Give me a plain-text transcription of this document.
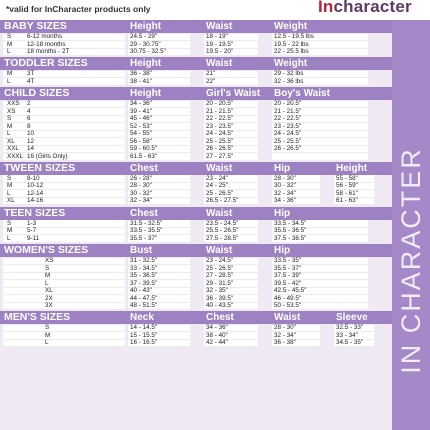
*valid for InCharacter products only	Incharacter
BABY SIZES	Height	Waist	Weight
S	6-12 months	24.5 - 29"	18 - 19"	12.5 - 19.5 lbs
M 12-18 months	29 - 30.75"	19 - 19.5"	19.5 - 22 lbs
L	18 months - 2T	30.75 - 32.5"	19.5 - 20"	22 - 25.5 lbs
TODDLER SIZES	Height	Waist	Weight
M 3T	36 - 38"	21"	29 - 32 lbs
L	4T	38 - 41"	22"	32 - 36 lbs
CHILD SIZES	Height	Girl's Waist Boy's Waist
XXS 2	34 - 36"	20 - 20.5"	20 - 20.5"
XS 4	39 - 41"	21 - 21.5"	21 - 21.5"
S	6	45 - 46"	22 - 22.5"	22 - 22.5"
M 8	52 - 53"	23 - 23.5"	23 - 23.5"
L	10	54 - 55"	24 - 24.5"	24 - 24.5"
XL 12	56 - 58"	25 - 25.5"	25 - 25.5"
XXL 14	59 - 60.5"	26 - 26.5"	26 - 26.5"
XXXL 16 (Girls Only)	61.5 - 63"	27 - 27.5"
TWEEN SIZES	Chest	Waist	Hip	Height
S	8-10	26 - 28"	23 - 24"	28 - 30"	55 - 58"
M 10-12	28 - 30"	24 - 25"	30 - 32"	56 - 59"
L	12-14	30 - 32"	25 - 26.5"	32 - 34"	58 - 61"
XL 14-16	32 - 34"	26.5 - 27.5"	34 - 36"	61 - 63"
TEEN SIZES	Chest	Waist	Hip
S	1-3	31.5 - 32.5"	23.5 - 24.5"	33.5 - 34.5"
M 5-7	33.5 - 35.5"	25.5 - 26.5"	35.5 - 36.5"
L	9-11	35.5 - 37"	27.5 - 28.5"	37.5 - 38.5"
WOMEN'S SIZES	Bust	Waist	Hip
XS	31 - 32.5"	23 - 24.5"	33.5 - 35"
S	33 - 34.5"	25 - 26.5"	35.5 - 37"
M	35 - 36.5"	27 - 28.5"	37.5 - 39"
L	37 - 39.5"	29 - 31.5"	39.5 - 42"
XL	40 - 43"	32 - 35"	42.5 - 45.5"
2X	44 - 47.5"	36 - 39.5"	46 - 49.5"
3X	48 - 51.5"	40 - 43.5"	50 - 53.5"
MEN'S SIZES	Neck	Chest	Waist	Sleeve
S	14 - 14.5"	34 - 36"	28 - 30"	32.5 - 33"
M	15 - 15.5"	38 - 40"	32 - 34"	33 - 34"
L	16 - 16.5"	42 - 44"	36 - 38"	34.5 - 35" IN CHARACTER
